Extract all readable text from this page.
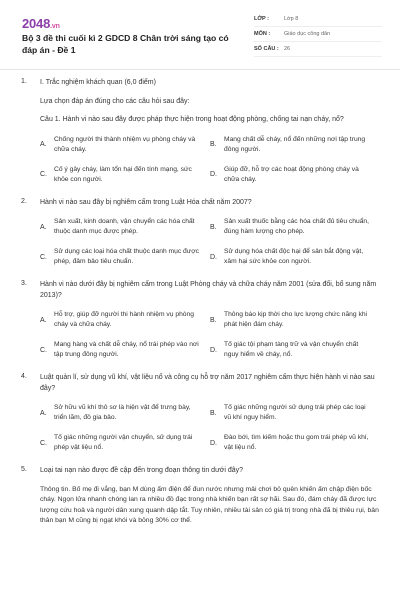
2048.vn
Bộ 3 đề thi cuối kì 2 GDCD 8 Chân trời sáng tạo có đáp án - Đề 1
LỚP :	Lớp 8
MÔN :	Giáo dục công dân
SỐ CÂU : 26
1. I. Trắc nghiệm khách quan (6,0 điểm)
Lựa chọn đáp án đúng cho các câu hỏi sau đây:
Câu 1. Hành vi nào sau đây được pháp thực hiện trong hoạt động phòng, chống tai nạn cháy, nổ?
A.
Chống người thi thành nhiệm vụ phòng cháy và chữa cháy.
B.
Mang chất dễ cháy, nổ đến những nơi tập trung đông người.
C.
Cố ý gây cháy, làm tổn hại đến tính mạng, sức khỏe con người.
D.
Giúp đỡ, hỗ trợ các hoạt động phòng cháy và chữa cháy.
2. Hành vi nào sau đây bị nghiêm cấm trong Luật Hóa chất năm 2007?
A.
Sản xuất, kinh doanh, vận chuyển các hóa chất thuộc danh mục được phép.
B.
Sản xuất thuốc bằng các hóa chất đủ tiêu chuẩn, đúng hàm lượng cho phép.
C.
Sử dụng các loại hóa chất thuộc danh mục được phép, đảm bảo tiêu chuẩn.
D.
Sử dụng hóa chất độc hại để sản bắt động vật, xâm hại sức khỏe con người.
3. Hành vi nào dưới đây bị nghiêm cấm trong Luật Phòng cháy và chữa cháy năm 2001 (sửa đổi, bổ sung năm 2013)?
A.
Hỗ trợ, giúp đỡ người thi hành nhiệm vụ phòng cháy và chữa cháy.
B.
Thông báo kịp thời cho lực lượng chức năng khi phát hiện đám cháy.
C.
Mang hàng và chất dễ cháy, nổ trái phép vào nơi tập trung đông người.
D.
Tố giác tội phạm tàng trữ và vận chuyển chất nguy hiểm về cháy, nổ.
4. Luật quản lí, sử dụng vũ khí, vật liệu nổ và công cụ hỗ trợ năm 2017 nghiêm cấm thực hiện hành vi nào sau đây?
A.
Sở hữu vũ khí thô sơ là hiện vật để trưng bày, triển lãm, đồ gia bảo.
B.
Tố giác những người sử dụng trái phép các loại vũ khí nguy hiểm.
C.
Tố giác những người vận chuyển, sử dụng trái phép vật liệu nổ.
D.
Đào bới, tìm kiếm hoặc thu gom trái phép vũ khí, vật liệu nổ.
5. Loại tai nạn nào được đề cập đến trong đoạn thông tin dưới đây?
Thông tin. Bố mẹ đi vắng, bạn M dùng ấm điện để đun nước nhưng mải chơi bỏ quên khiến ấm chập điện bốc cháy. Ngọn lửa nhanh chóng lan ra nhiều đồ đạc trong nhà khiến bạn rất sợ hãi. Sau đó, đám cháy đã được lực lượng cứu hoả và người dân xung quanh dập tắt. Tuy nhiên, nhiều tài sản có giá trị trong nhà đã bị thiêu rụi, bản thân bạn M cũng bị ngạt khói và bỏng 30% cơ thể.
